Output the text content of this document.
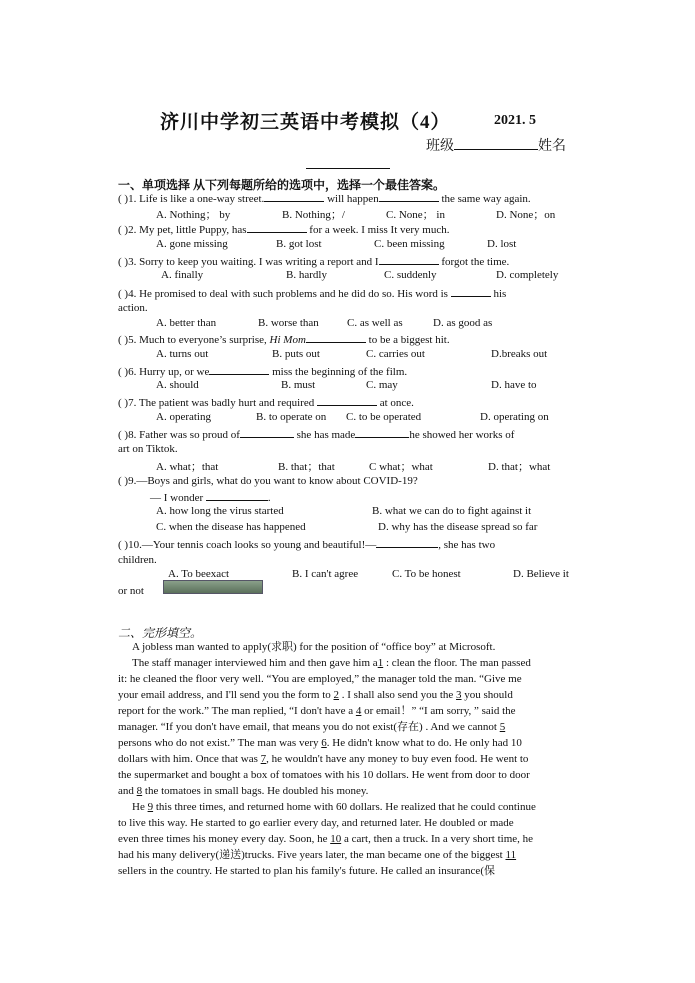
济川中学初三英语中考模拟（4）	2021. 5
班级	姓名
一、单项选择 从下列每题所给的选项中，选择一个最佳答案。
( )1. Life is like a one-way street.	will happen	the same way again.
A. Nothing； by	B. Nothing；/	C. None； in	D. None；on
( )2. My pet, little Puppy, has	for a week. I miss It very much.
A. gone missing	B. got lost	C. been missing	D. lost
( )3. Sorry to keep you waiting. I was writing a report and I	forgot the time.
A. finally	B. hardly	C. suddenly	D. completely
( )4. He promised to deal with such problems and he did do so. His word is	his
action.
A. better than	B. worse than	C. as well as	D. as good as
( )5. Much to everyone’s surprise, Hi Mom	to be a biggest hit.
A. turns out	B. puts out	C. carries out	D.breaks out
( )6. Hurry up, or we	miss the beginning of the film.
A. should	B. must	C. may	D. have to
( )7. The patient was badly hurt and required	at once.
A. operating	B. to operate on C. to be operated	D. operating on
( )8. Father was so proud of	she has made	he showed her works of
art on Tiktok.
A. what；that	B. that；that	C what；what	D. that；what
( )9.—Boys and girls, what do you want to know about COVID-19?
— I wonder	.
A. how long the virus started	B. what we can do to fight against it
C. when the disease has happened	D. why has the disease spread so far
( )10.—Your tennis coach looks so young and beautiful!—	, she has two
children.
A. To beexact	B. I can't agree	C. To be honest	D. Believe it
or not
二、完形填空。
A jobless man wanted to apply(求职) for the position of “office boy” at Microsoft.
The staff manager interviewed him and then gave him a1 : clean the floor. The man passed
it: he cleaned the floor very well. “You are employed,” the manager told the man. “Give me
your email address, and I'll send you the form to 2 . I shall also send you the 3 you should
report for the work.” The man replied, “I don't have a 4 or email！” “I am sorry, ” said the
manager. “If you don't have email, that means you do not exist(存在) . And we cannot 5
persons who do not exist.” The man was very 6. He didn't know what to do. He only had 10
dollars with him. Once that was 7, he wouldn't have any money to buy even food. He went to
the supermarket and bought a box of tomatoes with his 10 dollars. He went from door to door
and 8 the tomatoes in small bags. He doubled his money.
He 9 this three times, and returned home with 60 dollars. He realized that he could continue
to live this way. He started to go earlier every day, and returned later. He doubled or made
even three times his money every day. Soon, he 10 a cart, then a truck. In a very short time, he
had his many delivery(递送)trucks. Five years later, the man became one of the biggest 11
sellers in the country. He started to plan his family's future. He called an insurance(保
